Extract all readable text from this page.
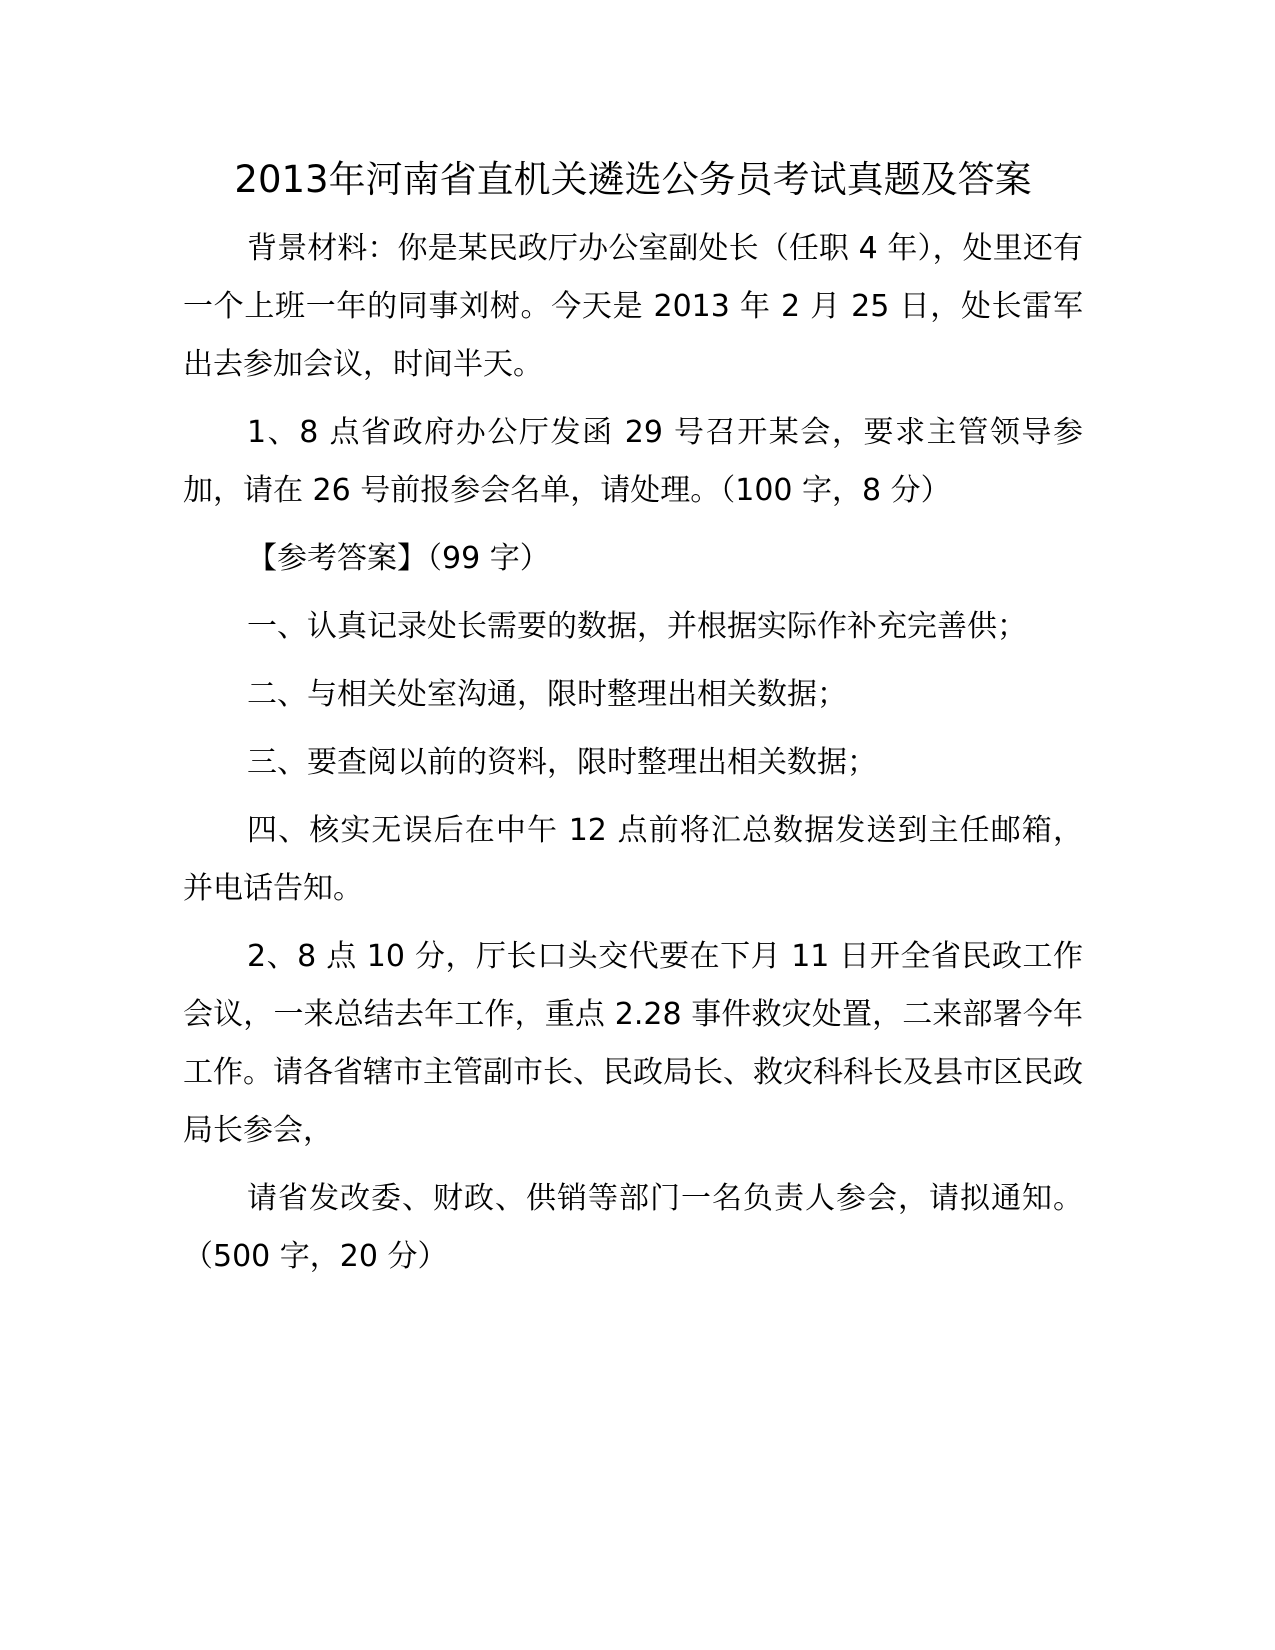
2013年河南省直机关遴选公务员考试真题及答案

背景材料：你是某民政厅办公室副处长（任职 4 年），处里还有一个上班一年的同事刘树。今天是 2013 年 2 月 25 日，处长雷军出去参加会议，时间半天。

1、8 点省政府办公厅发函 29 号召开某会，要求主管领导参加，请在 26 号前报参会名单，请处理。（100 字，8 分）

【参考答案】（99 字）

一、认真记录处长需要的数据，并根据实际作补充完善供；

二、与相关处室沟通，限时整理出相关数据；

三、要查阅以前的资料，限时整理出相关数据；

四、核实无误后在中午 12 点前将汇总数据发送到主任邮箱，并电话告知。

2、8 点 10 分，厅长口头交代要在下月 11 日开全省民政工作会议，一来总结去年工作，重点 2.28 事件救灾处置，二来部署今年工作。请各省辖市主管副市长、民政局长、救灾科科长及县市区民政局长参会，

请省发改委、财政、供销等部门一名负责人参会，请拟通知。（500 字，20 分）
